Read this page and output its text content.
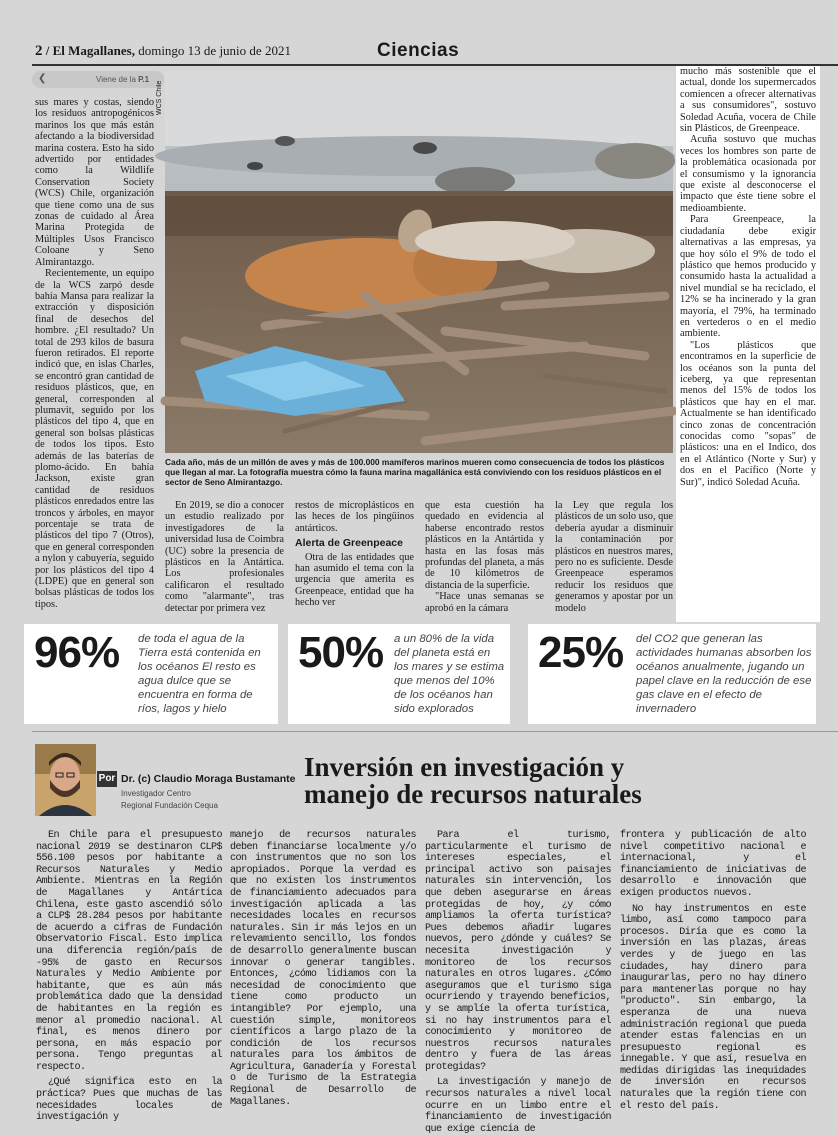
2 / El Magallanes, domingo 13 de junio de 2021	Ciencias
❮	Viene de la P.1

sus mares y costas, siendo los residuos antropogénicos marinos los que más están afectando a la biodiversidad marina costera. Esto ha sido advertido por entidades como la Wildlife Conservation Society (WCS) Chile, organización que tiene como una de sus zonas de cuidado al Área Marina Protegida de Múltiples Usos Francisco Coloane y Seno Almirantazgo.

Recientemente, un equipo de la WCS zarpó desde bahía Mansa para realizar la extracción y disposición final de desechos del hombre. ¿El resultado? Un total de 293 kilos de basura fueron retirados. El reporte indicó que, en islas Charles, se encontró gran cantidad de residuos plásticos, que, en general, corresponden al plumavit, seguido por los plásticos del tipo 4, que en general son bolsas plásticas de todos los tipos. Esto además de las baterías de plomo-ácido. En bahía Jackson, existe gran cantidad de residuos plásticos enredados entre las troncos y árboles, en mayor porcentaje se trata de plásticos del tipo 7 (Otros), que en general corresponden a nylon y cabuyería, seguido por los plásticos del tipo 4 (LDPE) que en general son bolsas plásticas de todos los tipos.

WCS Chile
Cada año, más de un millón de aves y más de 100.000 mamíferos marinos mueren como consecuencia de todos los plásticos que llegan al mar. La fotografía muestra cómo la fauna marina magallánica está conviviendo con los residuos plásticos en el sector de Seno Almirantazgo.

En 2019, se dio a conocer un estudio realizado por investigadores de la universidad lusa de Coimbra (UC) sobre la presencia de plásticos en la Antártica. Los profesionales calificaron el resultado como "alarmante", tras detectar por primera vez

restos de microplásticos en las heces de los pingüinos antárticos.

Alerta de Greenpeace

Otra de las entidades que han asumido el tema con la urgencia que amerita es Greenpeace, entidad que ha hecho ver

que esta cuestión ha quedado en evidencia al haberse encontrado restos plásticos en la Antártida y hasta en las fosas más profundas del planeta, a más de 10 kilómetros de distancia de la superficie.

"Hace unas semanas se aprobó en la cámara

la Ley que regula los plásticos de un solo uso, que debería ayudar a disminuir la contaminación por plásticos en nuestros mares, pero no es suficiente. Desde Greenpeace esperamos reducir los residuos que generamos y apostar por un modelo

mucho más sostenible que el actual, donde los supermercados comiencen a ofrecer alternativas a sus consumidores", sostuvo Soledad Acuña, vocera de Chile sin Plásticos, de Greenpeace.

Acuña sostuvo que muchas veces los hombres son parte de la problemática ocasionada por el consumismo y la ignorancia que existe al desconocerse el impacto que éste tiene sobre el medioambiente.

Para Greenpeace, la ciudadanía debe exigir alternativas a las empresas, ya que hoy sólo el 9% de todo el plástico que hemos producido y consumido hasta la actualidad a nivel mundial se ha reciclado, el 12% se ha incinerado y la gran mayoría, el 79%, ha terminado en vertederos o en el medio ambiente.

"Los plásticos que encontramos en la superficie de los océanos son la punta del iceberg, ya que representan menos del 15% de todos los plásticos que hay en el mar. Actualmente se han identificado cinco zonas de concentración conocidas como "sopas" de plásticos: una en el Indico, dos en el Atlántico (Norte y Sur) y dos en el Pacífico (Norte y Sur)", indicó Soledad Acuña.

96% de toda el agua de la Tierra está contenida en los océanos El resto es agua dulce que se encuentra en forma de ríos, lagos y hielo
50% a un 80% de la vida del planeta está en los mares y se estima que menos del 10% de los océanos han sido explorados
25% del CO2 que generan las actividades humanas absorben los océanos anualmente, jugando un papel clave en la reducción de ese gas clave en el efecto de invernadero
Por Dr. (c) Claudio Moraga Bustamante
Investigador Centro
Regional Fundación Cequa
Inversión en investigación y
manejo de recursos naturales

En Chile para el presupuesto nacional 2019 se destinaron CLP$ 556.100 pesos por habitante a Recursos Naturales y Medio Ambiente. Mientras en la Región de Magallanes y Antártica Chilena, este gasto ascendió sólo a CLP$ 28.284 pesos por habitante de acuerdo a cifras de Fundación Observatorio Fiscal. Esto implica una diferencia región/país de -95% de gasto en Recursos Naturales y Medio Ambiente por habitante, que es aún más problemática dado que la densidad de habitantes en la región es menor al promedio nacional. Al final, es menos dinero por persona, en más espacio por persona. Tengo preguntas al respecto.

¿Qué significa esto en la práctica? Pues que muchas de las necesidades locales de investigación y

manejo de recursos naturales deben financiarse localmente y/o con instrumentos que no son los apropiados. Porque la verdad es que no existen los instrumentos de financiamiento adecuados para investigación aplicada a las necesidades locales en recursos naturales. Sin ir más lejos en un relevamiento sencillo, los fondos de desarrollo generalmente buscan innovar o generar tangibles. Entonces, ¿cómo lidiamos con la necesidad de conocimiento que tiene como producto un intangible? Por ejemplo, una cuestión simple, monitoreos científicos a largo plazo de la condición de los recursos naturales para los ámbitos de Agricultura, Ganadería y Forestal o de Turismo de la Estrategia Regional de Desarrollo de Magallanes.

Para el turismo, particularmente el turismo de intereses especiales, el principal activo son paisajes naturales sin intervención, los que deben asegurarse en áreas protegidas de hoy, ¿y cómo ampliamos la oferta turística? Pues debemos añadir lugares nuevos, pero ¿dónde y cuáles? Se necesita investigación y monitoreo de los recursos naturales en otros lugares. ¿Cómo aseguramos que el turismo siga ocurriendo y trayendo beneficios, y se amplíe la oferta turística, si no hay instrumentos para el conocimiento y monitoreo de nuestros recursos naturales dentro y fuera de las áreas protegidas?

La investigación y manejo de recursos naturales a nivel local ocurre en un limbo entre el financiamiento de investigación que exige ciencia de

frontera y publicación de alto nivel competitivo nacional e internacional, y el financiamiento de iniciativas de desarrollo e innovación que exigen productos nuevos.

No hay instrumentos en este limbo, así como tampoco para procesos. Diría que es como la inversión en las plazas, áreas verdes y de juego en las ciudades, hay dinero para inaugurarlas, pero no hay dinero para mantenerlas porque no hay "producto". Sin embargo, la esperanza de una nueva administración regional que pueda atender estas falencias en un presupuesto regional es innegable. Y que así, resuelva en medidas dirigidas las inequidades de inversión en recursos naturales que la región tiene con el resto del país.
